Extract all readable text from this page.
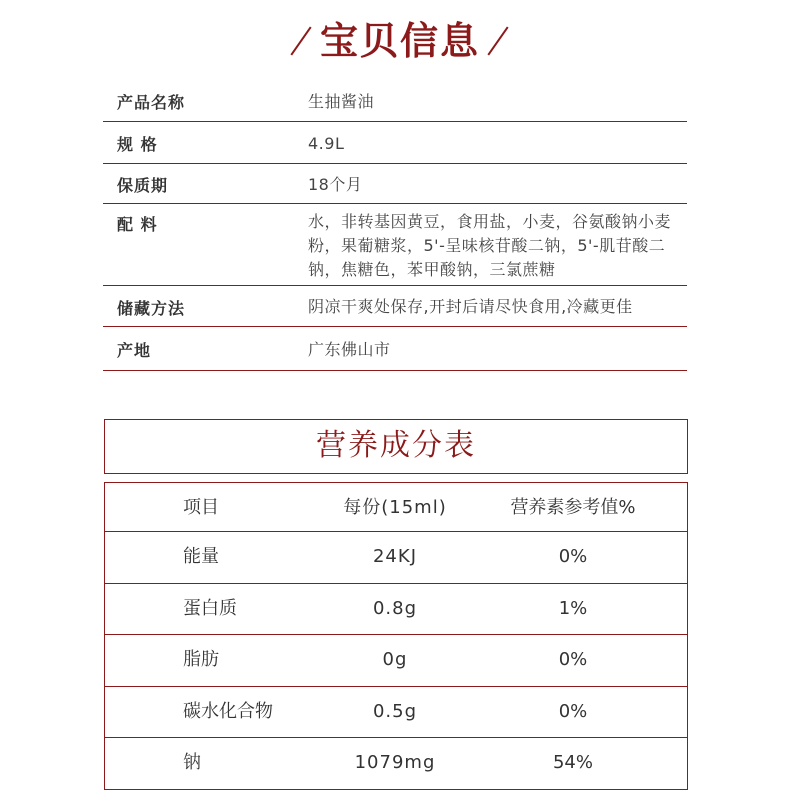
宝贝信息
产品名称	生抽酱油
规 格	4.9L
保质期	18个月
配 料	水，非转基因黄豆，食用盐，小麦，谷氨酸钠小麦粉，果葡糖浆，5'-呈味核苷酸二钠，5'-肌苷酸二钠，焦糖色，苯甲酸钠，三氯蔗糖
储藏方法	阴凉干爽处保存,开封后请尽快食用,冷藏更佳
产地	广东佛山市
营养成分表
项目	每份(15ml)	营养素参考值%
能量	24KJ	0%
蛋白质	0.8g	1%
脂肪	0g	0%
碳水化合物	0.5g	0%
钠	1079mg	54%
